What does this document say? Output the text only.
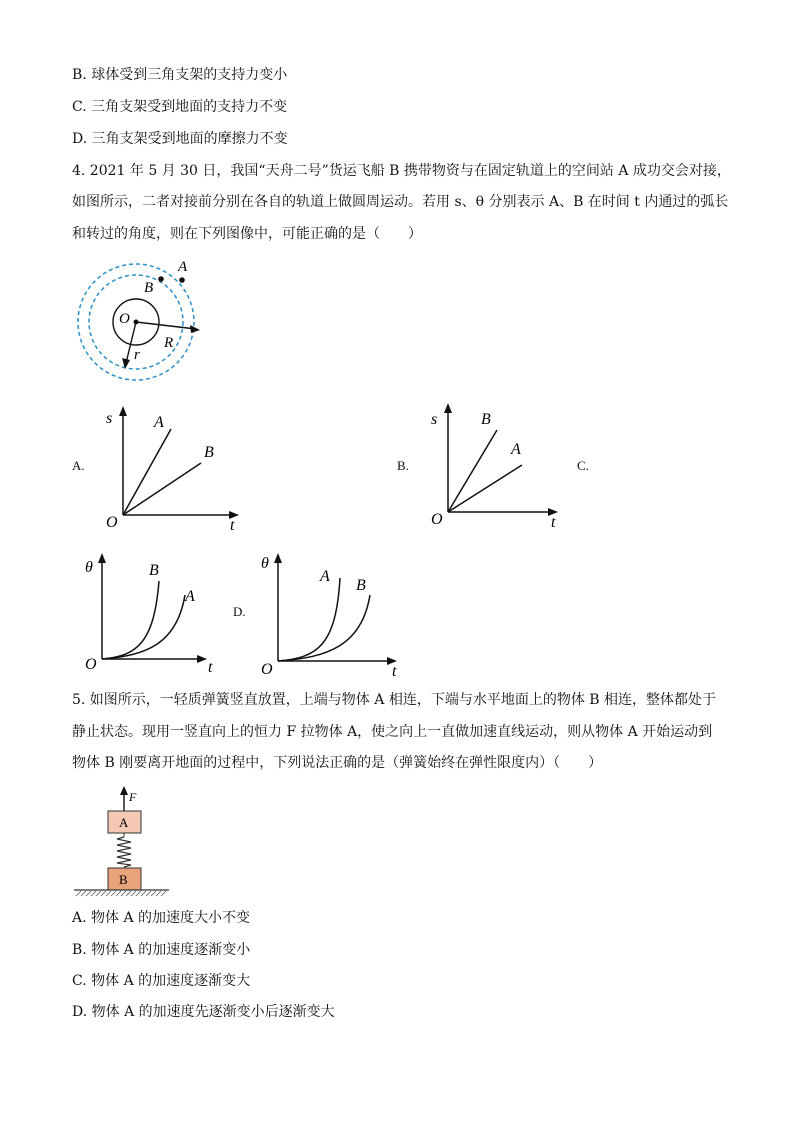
B. 球体受到三角支架的支持力变小
C. 三角支架受到地面的支持力不变
D. 三角支架受到地面的摩擦力不变
4. 2021 年 5 月 30 日，我国“天舟二号”货运飞船 B 携带物资与在固定轨道上的空间站 A 成功交会对接，
如图所示，二者对接前分别在各自的轨道上做圆周运动。若用 s、θ 分别表示 A、B 在时间 t 内通过的弧长
和转过的角度，则在下列图像中，可能正确的是（　　）
A
B
O
R
r
A.	B.	C.
D.
s
t
O
A
B
s
t
O
B
A
θ
t
O
B
A
θ
t
O
A
B
5. 如图所示，一轻质弹簧竖直放置，上端与物体 A 相连，下端与水平地面上的物体 B 相连，整体都处于
静止状态。现用一竖直向上的恒力 F 拉物体 A，使之向上一直做加速直线运动，则从物体 A 开始运动到
物体 B 刚要离开地面的过程中，下列说法正确的是（弹簧始终在弹性限度内）（　　）
F
A
B
A. 物体 A 的加速度大小不变
B. 物体 A 的加速度逐渐变小
C. 物体 A 的加速度逐渐变大
D. 物体 A 的加速度先逐渐变小后逐渐变大
